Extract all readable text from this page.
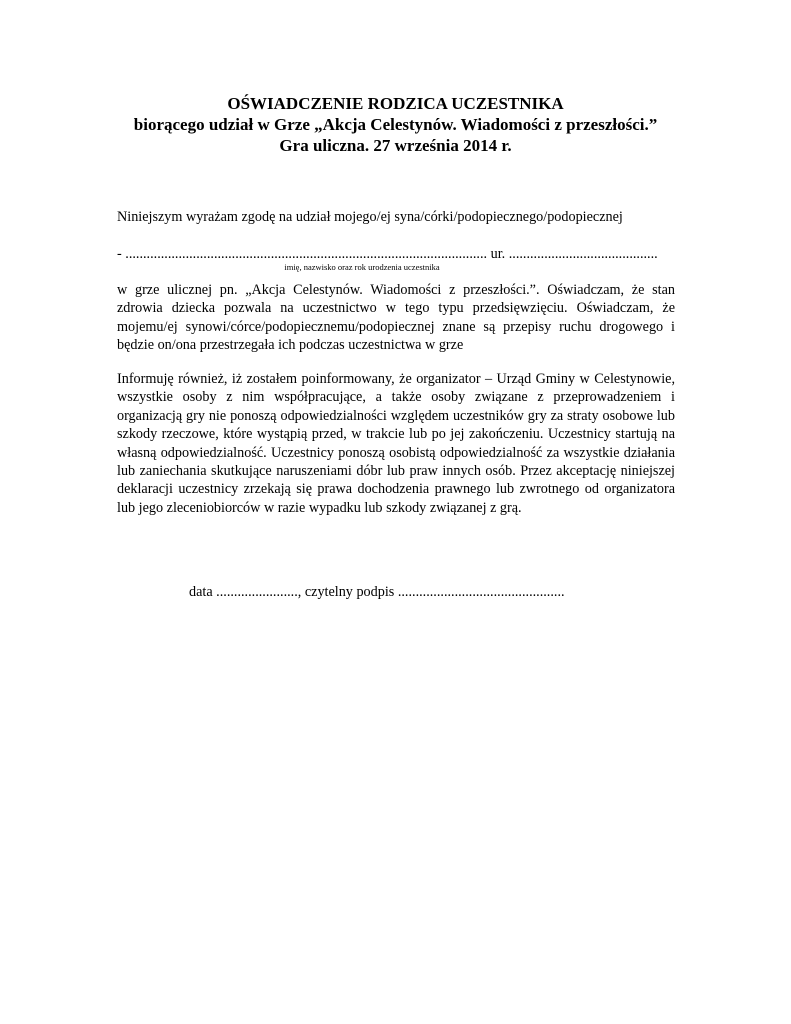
OŚWIADCZENIE RODZICA UCZESTNIKA
biorącego udział w Grze „Akcja Celestynów. Wiadomości z przeszłości.”
Gra uliczna. 27 września 2014 r.
Niniejszym wyrażam zgodę na udział mojego/ej syna/córki/podopiecznego/podopiecznej
- ...................................................................................................... ur. ..........................................
imię, nazwisko oraz rok urodzenia uczestnika

w grze ulicznej pn. „Akcja Celestynów. Wiadomości z przeszłości.”. Oświadczam, że stan zdrowia dziecka pozwala na uczestnictwo w tego typu przedsięwzięciu. Oświadczam, że mojemu/ej synowi/córce/podopiecznemu/podopiecznej znane są przepisy ruchu drogowego i będzie on/ona przestrzegała ich podczas uczestnictwa w grze

Informuję również, iż zostałem poinformowany, że organizator – Urząd Gminy w Celestynowie, wszystkie osoby z nim współpracujące, a także osoby związane z przeprowadzeniem i organizacją gry nie ponoszą odpowiedzialności względem uczestników gry za straty osobowe lub szkody rzeczowe, które wystąpią przed, w trakcie lub po jej zakończeniu. Uczestnicy startują na własną odpowiedzialność. Uczestnicy ponoszą osobistą odpowiedzialność za wszystkie działania lub zaniechania skutkujące naruszeniami dóbr lub praw innych osób. Przez akceptację niniejszej deklaracji uczestnicy zrzekają się prawa dochodzenia prawnego lub zwrotnego od organizatora lub jego zleceniobiorców w razie wypadku lub szkody związanej z grą.

data ......................., czytelny podpis ...............................................
